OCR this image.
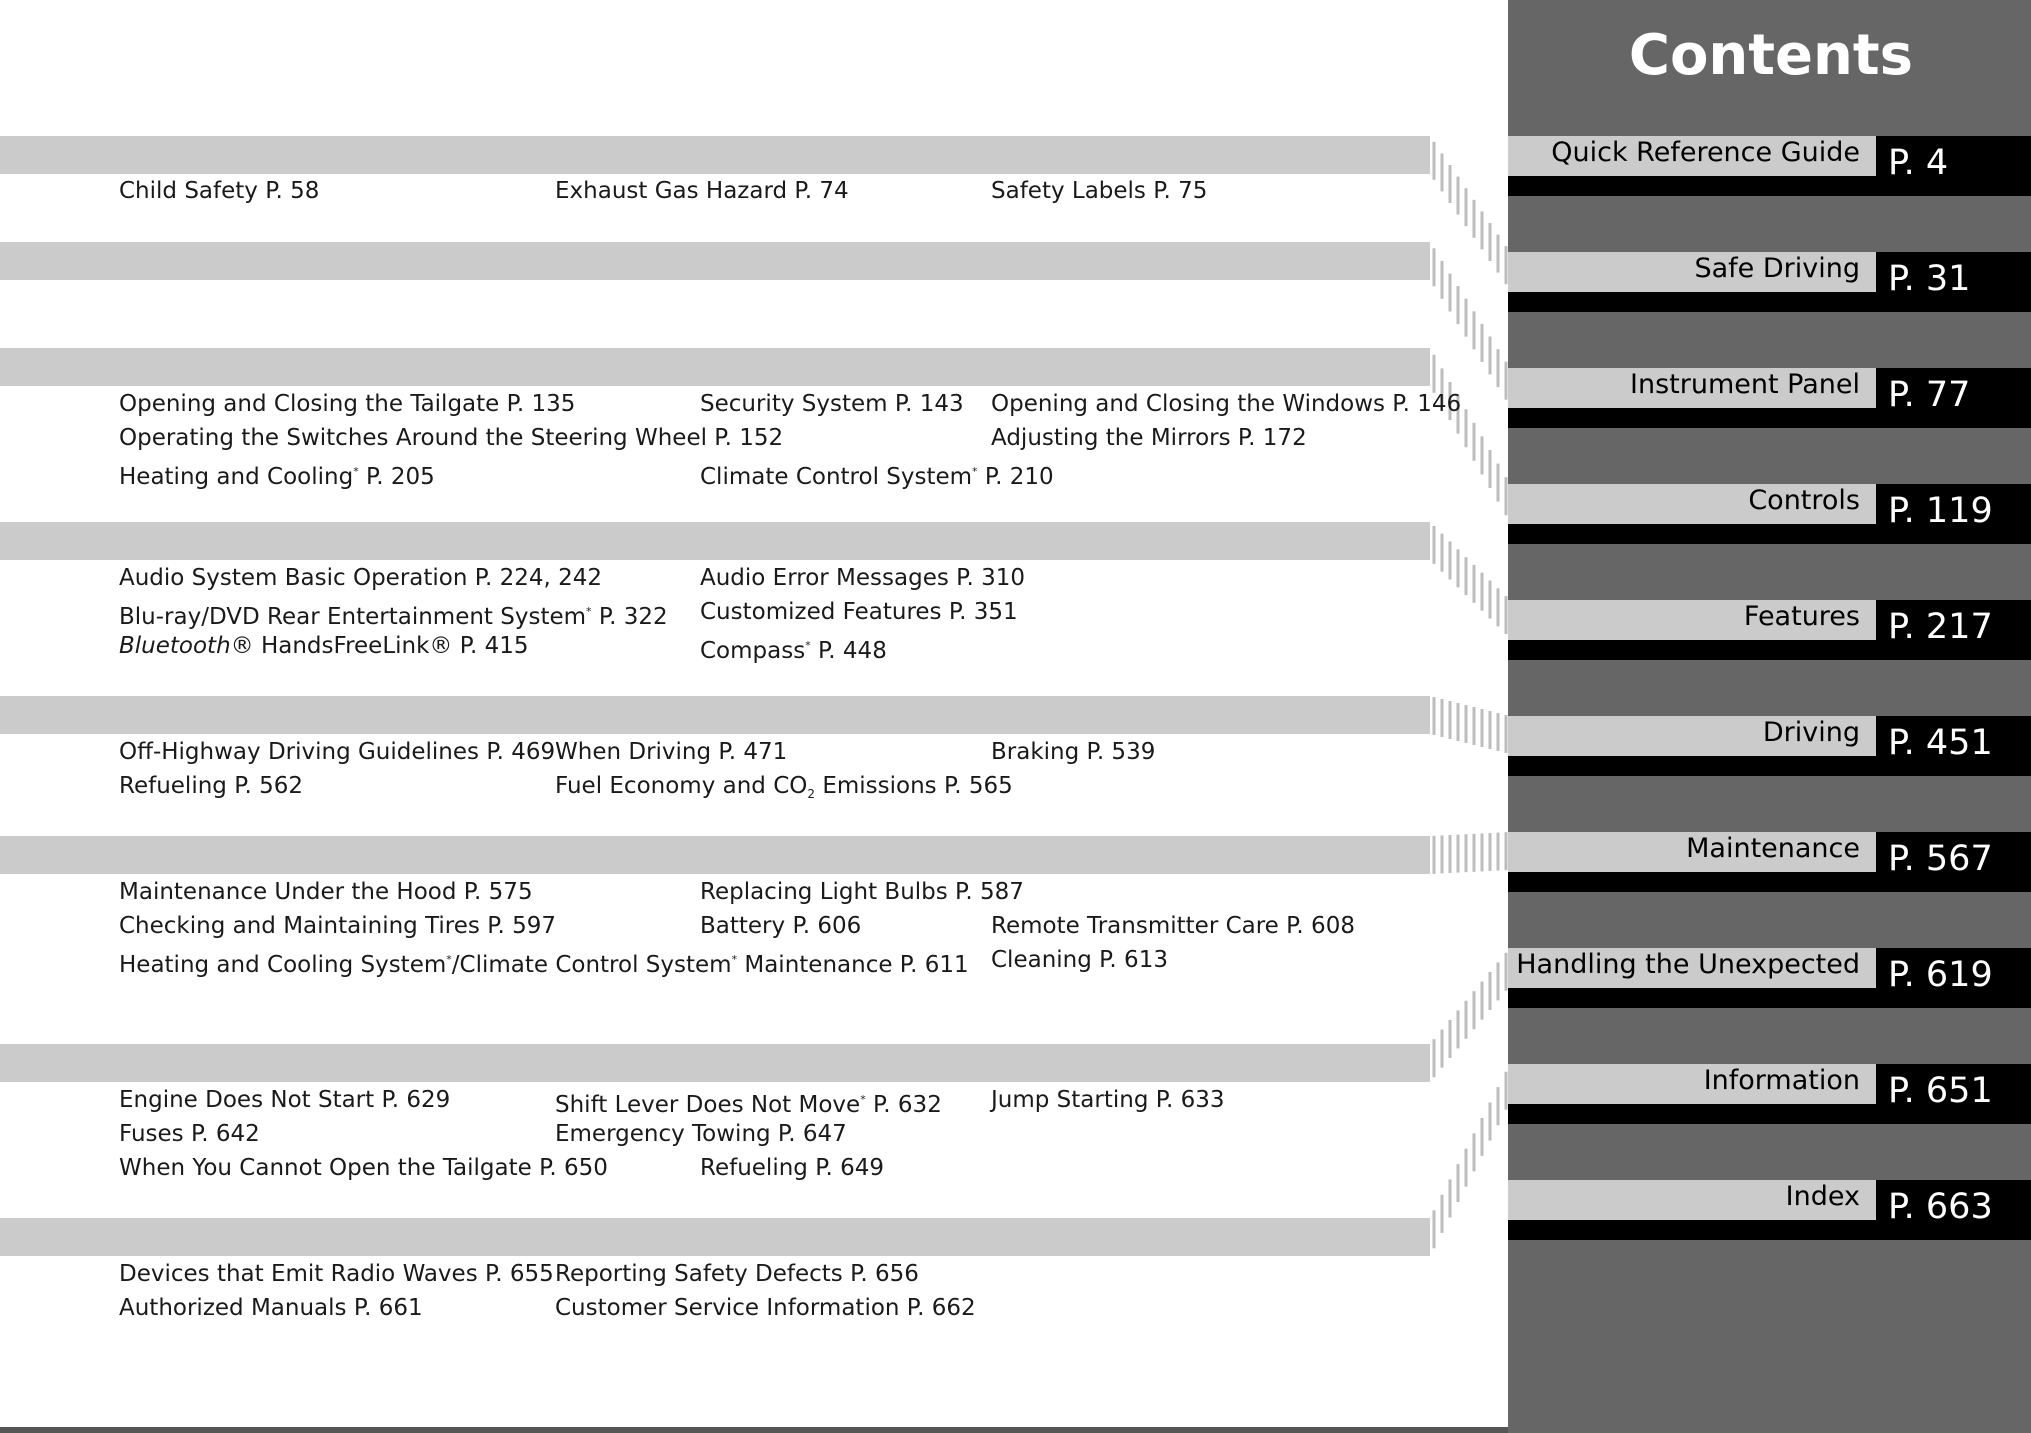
Child Safety P. 58	Exhaust Gas Hazard P. 74	Safety Labels P. 75
Opening and Closing the Tailgate P. 135	Security System P. 143 Opening and Closing the Windows P. 146
Operating the Switches Around the Steering Wheel P. 152	Adjusting the Mirrors P. 172
Heating and Cooling* P. 205	Climate Control System* P. 210
Audio System Basic Operation P. 224, 242	Audio Error Messages P. 310
Blu-ray/DVD Rear Entertainment System* P. 322 Customized Features P. 351
Bluetooth® HandsFreeLink® P. 415	Compass* P. 448
Off-Highway Driving Guidelines P. 469 When Driving P. 471	Braking P. 539
Refueling P. 562	Fuel Economy and $CO_2$ Emissions P. 565
Maintenance Under the Hood P. 575	Replacing Light Bulbs P. 587
Checking and Maintaining Tires P. 597	Battery P. 606	Remote Transmitter Care P. 608
Heating and Cooling System*/Climate Control System* Maintenance P. 611 Cleaning P. 613
Engine Does Not Start P. 629	Shift Lever Does Not Move* P. 632 Jump Starting P. 633
Fuses P. 642	Emergency Towing P. 647
When You Cannot Open the Tailgate P. 650	Refueling P. 649
Devices that Emit Radio Waves P. 655 Reporting Safety Defects P. 656
Authorized Manuals P. 661	Customer Service Information P. 662
Contents
Quick Reference Guide P. 4
Safe Driving P. 31
Instrument Panel P. 77
Controls P. 119
Features P. 217
Driving P. 451
Maintenance P. 567
Handling the Unexpected P. 619
Information P. 651
Index P. 663
